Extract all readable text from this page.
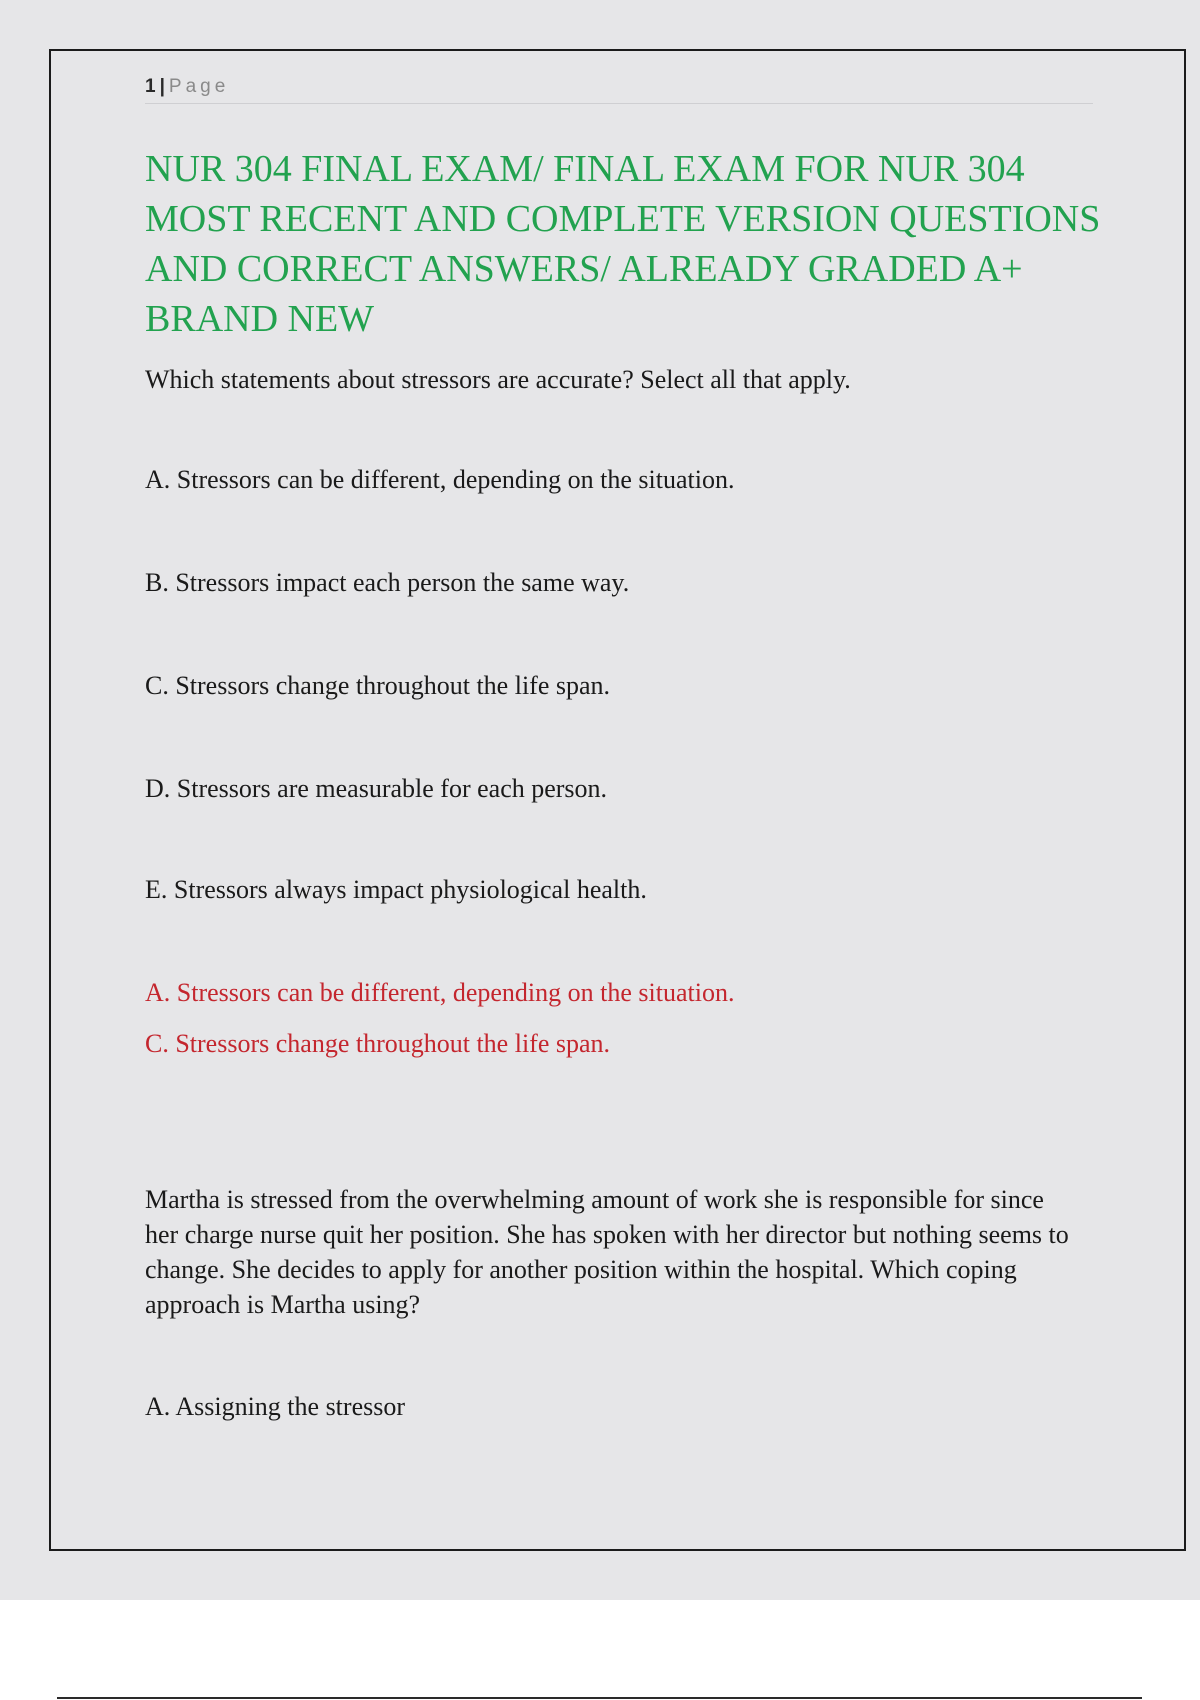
1 | Page
NUR 304 FINAL EXAM/ FINAL EXAM FOR NUR 304 MOST RECENT AND COMPLETE VERSION QUESTIONS AND CORRECT ANSWERS/ ALREADY GRADED A+ BRAND NEW

Which statements about stressors are accurate? Select all that apply.

A. Stressors can be different, depending on the situation.

B. Stressors impact each person the same way.

C. Stressors change throughout the life span.

D. Stressors are measurable for each person.

E. Stressors always impact physiological health.

A. Stressors can be different, depending on the situation.

C. Stressors change throughout the life span.

Martha is stressed from the overwhelming amount of work she is responsible for since her charge nurse quit her position. She has spoken with her director but nothing seems to change. She decides to apply for another position within the hospital. Which coping approach is Martha using?

A. Assigning the stressor
